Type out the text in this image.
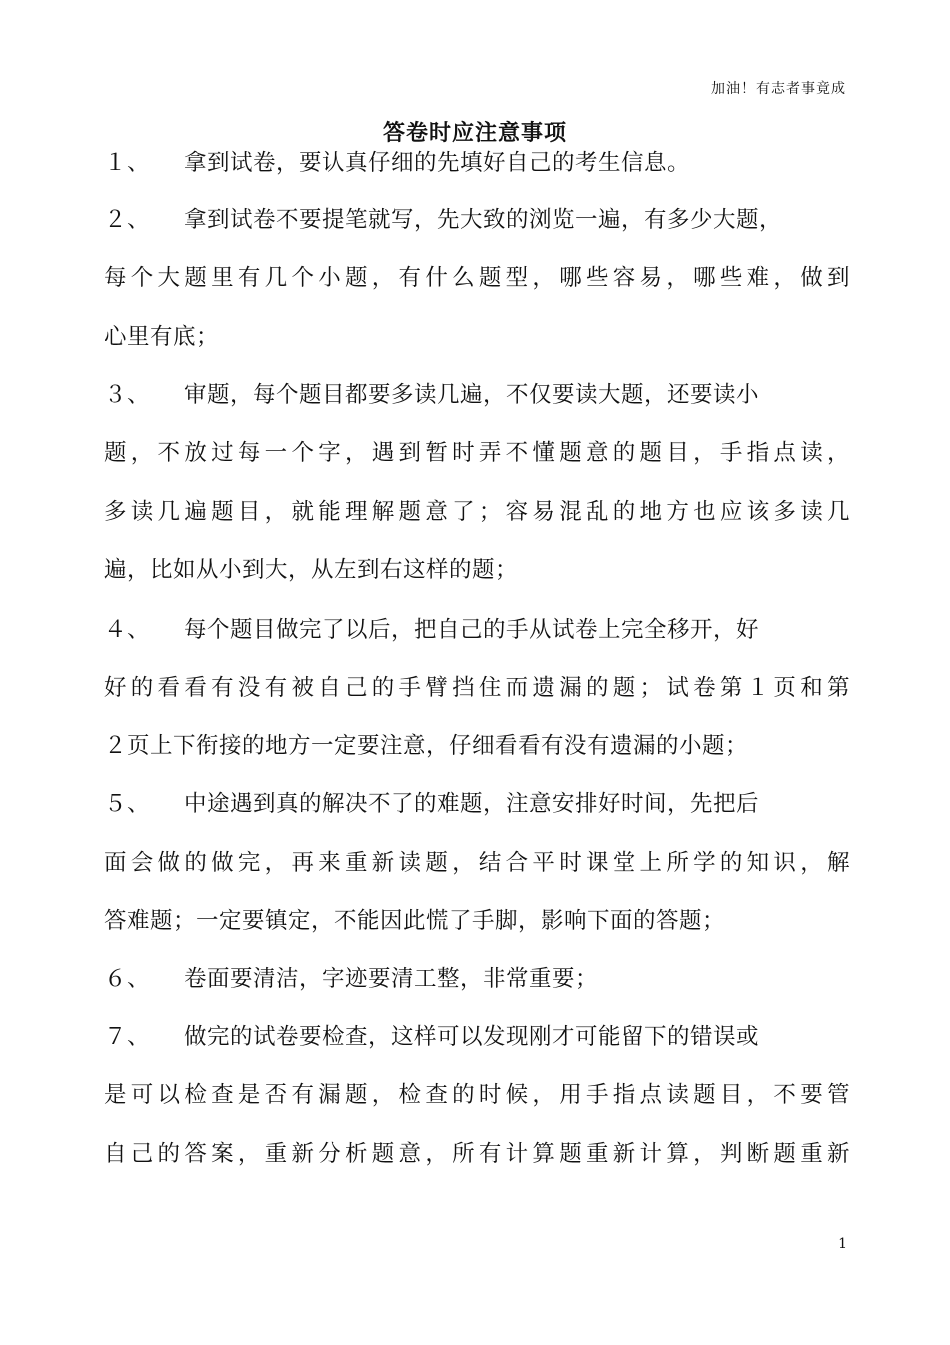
加油！有志者事竟成
答卷时应注意事项
１、 拿到试卷，要认真仔细的先填好自己的考生信息。
２、 拿到试卷不要提笔就写，先大致的浏览一遍，有多少大题，
每个大题里有几个小题，有什么题型，哪些容易，哪些难，做到
心里有底；
３、 审题，每个题目都要多读几遍，不仅要读大题，还要读小
题，不放过每一个字，遇到暂时弄不懂题意的题目，手指点读，
多读几遍题目，就能理解题意了；容易混乱的地方也应该多读几
遍，比如从小到大，从左到右这样的题；
４、 每个题目做完了以后，把自己的手从试卷上完全移开，好
好的看看有没有被自己的手臂挡住而遗漏的题；试卷第１页和第
２页上下衔接的地方一定要注意，仔细看看有没有遗漏的小题；
５、 中途遇到真的解决不了的难题，注意安排好时间，先把后
面会做的做完，再来重新读题，结合平时课堂上所学的知识，解
答难题；一定要镇定，不能因此慌了手脚，影响下面的答题；
６、 卷面要清洁，字迹要清工整，非常重要；
７、 做完的试卷要检查，这样可以发现刚才可能留下的错误或
是可以检查是否有漏题，检查的时候，用手指点读题目，不要管
自己的答案，重新分析题意，所有计算题重新计算，判断题重新
1
